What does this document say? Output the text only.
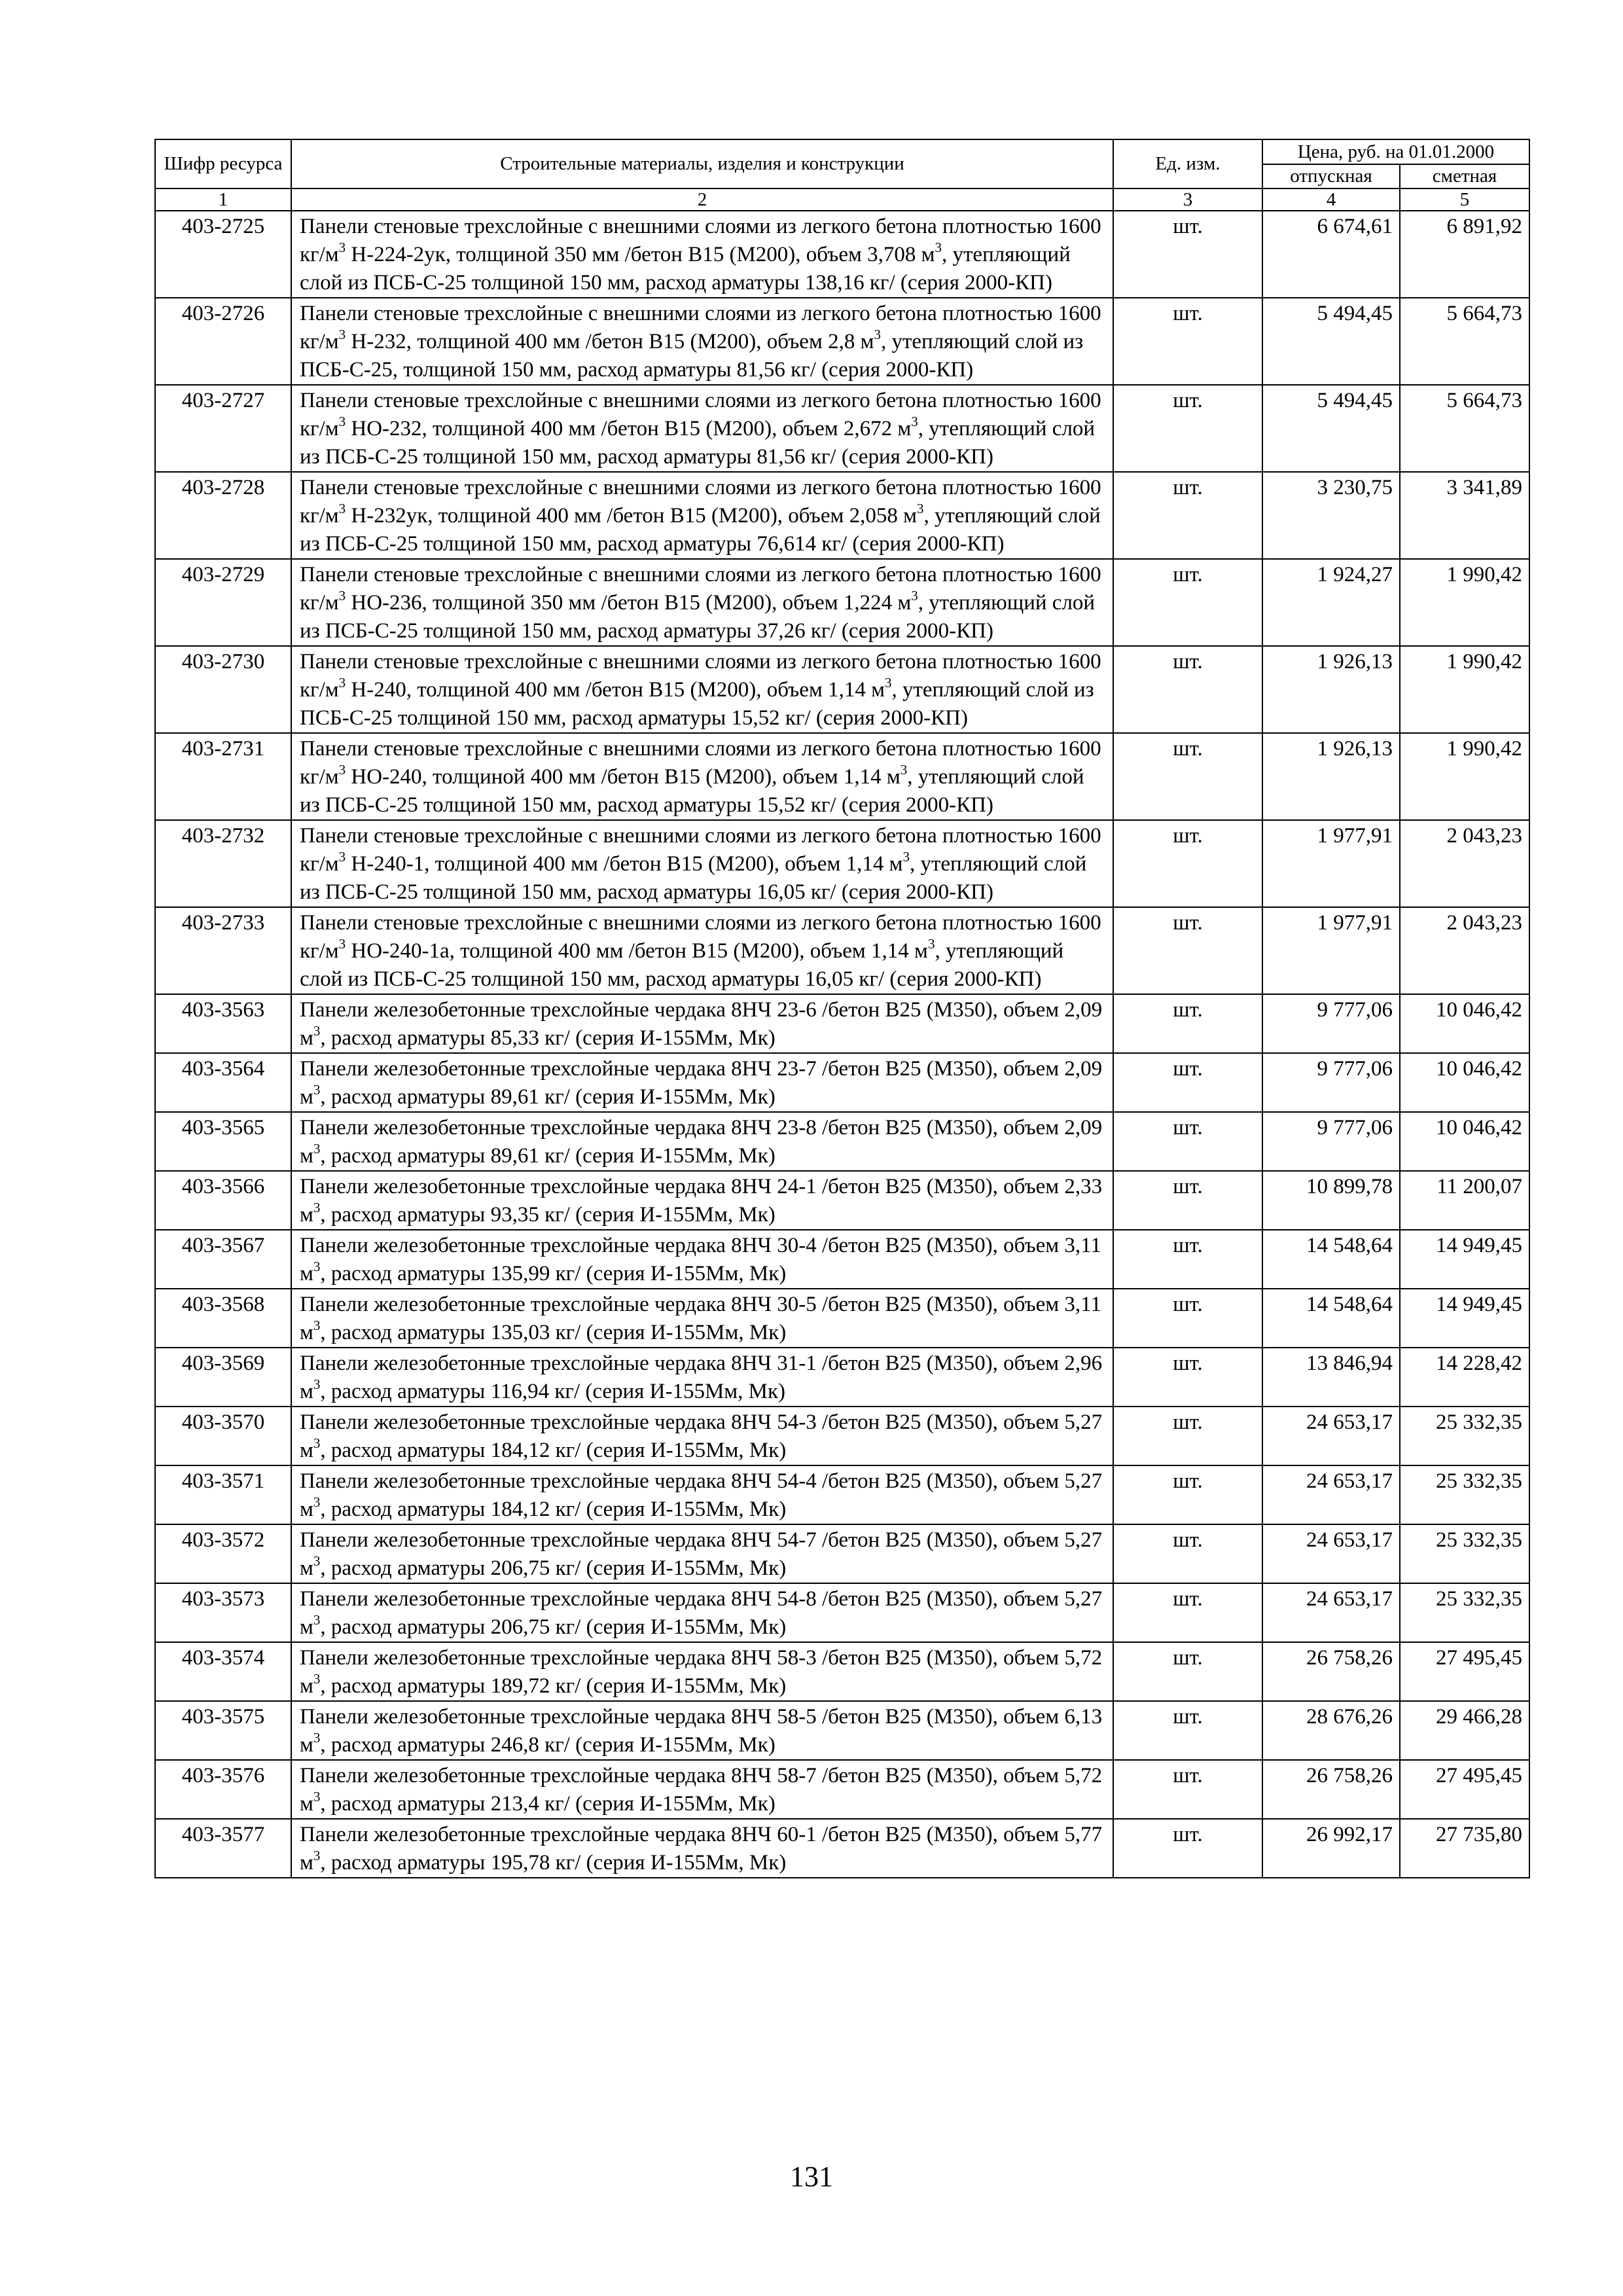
Шифр ресурса	Строительные материалы, изделия и конструкции	Ед. изм.	Цена, руб. на 01.01.2000	
			отпускная	сметная
1	2	3	4	5
403-2725	Панели стеновые трехслойные с внешними слоями из легкого бетона плотностью 1600 $кг/м^3$ Н-224-2ук, толщиной 350 мм /бетон В15 (М200), объем 3,708 $м^3$, утепляющий слой из ПСБ-С-25 толщиной 150 мм, расход арматуры 138,16 кг/ (серия 2000-КП)	шт.	6 674,61	6 891,92
403-2726	Панели стеновые трехслойные с внешними слоями из легкого бетона плотностью 1600 $кг/м^3$ Н-232, толщиной 400 мм /бетон В15 (М200), объем 2,8 $м^3$, утепляющий слой из ПСБ-С-25, толщиной 150 мм, расход арматуры 81,56 кг/ (серия 2000-КП)	шт.	5 494,45	5 664,73
403-2727	Панели стеновые трехслойные с внешними слоями из легкого бетона плотностью 1600 $кг/м^3$ НО-232, толщиной 400 мм /бетон В15 (М200), объем 2,672 $м^3$, утепляющий слой из ПСБ-С-25 толщиной 150 мм, расход арматуры 81,56 кг/ (серия 2000-КП)	шт.	5 494,45	5 664,73
403-2728	Панели стеновые трехслойные с внешними слоями из легкого бетона плотностью 1600 $кг/м^3$ Н-232ук, толщиной 400 мм /бетон В15 (М200), объем 2,058 $м^3$, утепляющий слой из ПСБ-С-25 толщиной 150 мм, расход арматуры 76,614 кг/ (серия 2000-КП)	шт.	3 230,75	3 341,89
403-2729	Панели стеновые трехслойные с внешними слоями из легкого бетона плотностью 1600 $кг/м^3$ НО-236, толщиной 350 мм /бетон В15 (М200), объем 1,224 $м^3$, утепляющий слой из ПСБ-С-25 толщиной 150 мм, расход арматуры 37,26 кг/ (серия 2000-КП)	шт.	1 924,27	1 990,42
403-2730	Панели стеновые трехслойные с внешними слоями из легкого бетона плотностью 1600 $кг/м^3$ Н-240, толщиной 400 мм /бетон В15 (М200), объем 1,14 $м^3$, утепляющий слой из ПСБ-С-25 толщиной 150 мм, расход арматуры 15,52 кг/ (серия 2000-КП)	шт.	1 926,13	1 990,42
403-2731	Панели стеновые трехслойные с внешними слоями из легкого бетона плотностью 1600 $кг/м^3$ НО-240, толщиной 400 мм /бетон В15 (М200), объем 1,14 $м^3$, утепляющий слой из ПСБ-С-25 толщиной 150 мм, расход арматуры 15,52 кг/ (серия 2000-КП)	шт.	1 926,13	1 990,42
403-2732	Панели стеновые трехслойные с внешними слоями из легкого бетона плотностью 1600 $кг/м^3$ Н-240-1, толщиной 400 мм /бетон В15 (М200), объем 1,14 $м^3$, утепляющий слой из ПСБ-С-25 толщиной 150 мм, расход арматуры 16,05 кг/ (серия 2000-КП)	шт.	1 977,91	2 043,23
403-2733	Панели стеновые трехслойные с внешними слоями из легкого бетона плотностью 1600 $кг/м^3$ НО-240-1а, толщиной 400 мм /бетон В15 (М200), объем 1,14 $м^3$, утепляющий слой из ПСБ-С-25 толщиной 150 мм, расход арматуры 16,05 кг/ (серия 2000-КП)	шт.	1 977,91	2 043,23
403-3563	Панели железобетонные трехслойные чердака 8НЧ 23-6 /бетон В25 (М350), объем 2,09 $м^3$, расход арматуры 85,33 кг/ (серия И-155Мм, Мк)	шт.	9 777,06	10 046,42
403-3564	Панели железобетонные трехслойные чердака 8НЧ 23-7 /бетон В25 (М350), объем 2,09 $м^3$, расход арматуры 89,61 кг/ (серия И-155Мм, Мк)	шт.	9 777,06	10 046,42
403-3565	Панели железобетонные трехслойные чердака 8НЧ 23-8 /бетон В25 (М350), объем 2,09 $м^3$, расход арматуры 89,61 кг/ (серия И-155Мм, Мк)	шт.	9 777,06	10 046,42
403-3566	Панели железобетонные трехслойные чердака 8НЧ 24-1 /бетон В25 (М350), объем 2,33 $м^3$, расход арматуры 93,35 кг/ (серия И-155Мм, Мк)	шт.	10 899,78	11 200,07
403-3567	Панели железобетонные трехслойные чердака 8НЧ 30-4 /бетон В25 (М350), объем 3,11 $м^3$, расход арматуры 135,99 кг/ (серия И-155Мм, Мк)	шт.	14 548,64	14 949,45
403-3568	Панели железобетонные трехслойные чердака 8НЧ 30-5 /бетон В25 (М350), объем 3,11 $м^3$, расход арматуры 135,03 кг/ (серия И-155Мм, Мк)	шт.	14 548,64	14 949,45
403-3569	Панели железобетонные трехслойные чердака 8НЧ 31-1 /бетон В25 (М350), объем 2,96 $м^3$, расход арматуры 116,94 кг/ (серия И-155Мм, Мк)	шт.	13 846,94	14 228,42
403-3570	Панели железобетонные трехслойные чердака 8НЧ 54-3 /бетон В25 (М350), объем 5,27 $м^3$, расход арматуры 184,12 кг/ (серия И-155Мм, Мк)	шт.	24 653,17	25 332,35
403-3571	Панели железобетонные трехслойные чердака 8НЧ 54-4 /бетон В25 (М350), объем 5,27 $м^3$, расход арматуры 184,12 кг/ (серия И-155Мм, Мк)	шт.	24 653,17	25 332,35
403-3572	Панели железобетонные трехслойные чердака 8НЧ 54-7 /бетон В25 (М350), объем 5,27 $м^3$, расход арматуры 206,75 кг/ (серия И-155Мм, Мк)	шт.	24 653,17	25 332,35
403-3573	Панели железобетонные трехслойные чердака 8НЧ 54-8 /бетон В25 (М350), объем 5,27 $м^3$, расход арматуры 206,75 кг/ (серия И-155Мм, Мк)	шт.	24 653,17	25 332,35
403-3574	Панели железобетонные трехслойные чердака 8НЧ 58-3 /бетон В25 (М350), объем 5,72 $м^3$, расход арматуры 189,72 кг/ (серия И-155Мм, Мк)	шт.	26 758,26	27 495,45
403-3575	Панели железобетонные трехслойные чердака 8НЧ 58-5 /бетон В25 (М350), объем 6,13 $м^3$, расход арматуры 246,8 кг/ (серия И-155Мм, Мк)	шт.	28 676,26	29 466,28
403-3576	Панели железобетонные трехслойные чердака 8НЧ 58-7 /бетон В25 (М350), объем 5,72 $м^3$, расход арматуры 213,4 кг/ (серия И-155Мм, Мк)	шт.	26 758,26	27 495,45
403-3577	Панели железобетонные трехслойные чердака 8НЧ 60-1 /бетон В25 (М350), объем 5,77 $м^3$, расход арматуры 195,78 кг/ (серия И-155Мм, Мк)	шт.	26 992,17	27 735,80
131
